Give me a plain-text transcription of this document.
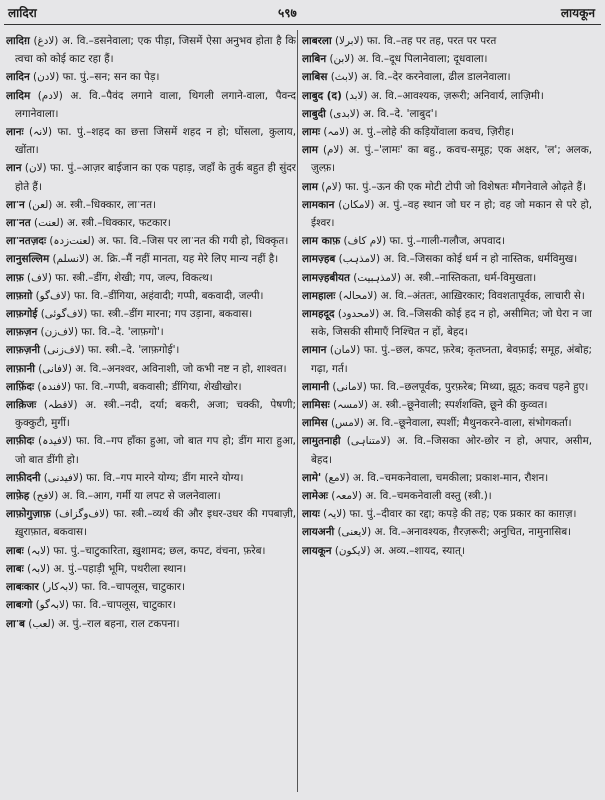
लादिरा	५९७	लायकून

लादिग़ (لادغ) अ. वि.–डसनेवाला; एक पीड़ा, जिसमें ऐसा अनुभव होता है कि त्वचा को कोई काट रहा हैं।

लादिन (لادن) फा. पुं.–सन; सन का पेड़।

लादिम (لادم) अ. वि.–पैवंद लगाने वाला, थिगली लगाने-वाला, पैवन्द लगानेवाला।

लानः (لانہ) फा. पुं.–शहद का छत्ता जिसमें शहद न हो; घोंसला, कुलाय, खोंता।

लान (لان) फा. पुं.–आज़र बाईजान का एक पहाड़, जहाँ के तुर्क बहुत ही सुंदर होते हैं।

लाॱन (لعن) अ. स्त्री.–धिक्कार, लाॱनत।

लाॱनत (لعنت) अ. स्त्री.–धिक्कार, फटकार।

लाॱनतज़दः (لعنت‌زدہ) अ. फा. वि.–जिस पर लाॱनत की गयी हो, धिक्कृत।

लानुसल्लिम (لانسلم) अ. क्रि.–मैं नहीं मानता, यह मेरे लिए मान्य नहीं है।

लाफ़ (لاف) फा. स्त्री.–डींग, शेखी; गप, जल्प, विकत्थ।

लाफ़ग़ो (لاف‌گو) फा. वि.–डींगिया, अहंवादी; गप्पी, बकवादी, जल्पी।

लाफ़गोई (لاف‌گوئی) फा. स्त्री.–डींग मारना; गप उड़ाना, बकवास।

लाफ़ज़न (لاف‌زن) फा. वि.–दे. 'लाफ़गो'।

लाफ़ज़नी (لاف‌زنی) फा. स्त्री.–दे. 'लाफ़गोई'।

लाफ़ानी (لافانی) अ. वि.–अनश्वर, अविनाशी, जो कभी नष्ट न हो, शाश्वत।

लाफ़िंदः (لافندہ) फा. वि.–गप्पी, बकवासी; डींगिया, शेखीखोर।

लाक़िजः (لاقطہ) अ. स्त्री.–नदी, दर्या; बकरी, अजा; चक्की, पेषणी; कुक्कुटी, मुर्गी।

लाफ़ीदः (لافیدہ) फा. वि.–गप हाँका हुआ, जो बात गप हो; डींग मारा हुआ, जो बात डींगी हो।

लाफ़ीदनी (لافیدنی) फा. वि.–गप मारने योग्य; डींग मारने योग्य।

लाफ़ेह (لافح) अ. वि.–आग, गर्मी या लपट से जलनेवाला।

लाफ़ोगुज़ाफ़ (لاف‌وگزاف) फा. स्त्री.–व्यर्थ की और इधर-उधर की गपबाज़ी, ख़ुराफ़ात, बकवास।

लाबः (لابہ) फा. पुं.–चाटुकारिता, ख़ुशामद; छल, कपट, वंचना, फ़रेब।

लाबः (لابہ) अ. पुं.–पहाड़ी भूमि, पथरीला स्थान।

लाबःकार (لابہ‌کار) फा. वि.–चापलूस, चाटुकार।

लाबःगो (لابہ‌گو) फा. वि.–चापलूस, चाटुकार।

लाॱब (لعب) अ. पुं.–राल बहना, राल टकपना।

लाबरला (لابرلا) फा. वि.–तह पर तह, परत पर परत

लाबिन (لابن) अ. वि.–दूध पिलानेवाला; दूधवाला।

लाबिस (لابث) अ. वि.–देर करनेवाला, ढील डालनेवाला।

लाबुद (द) (لابد) अ. वि.–आवश्यक, ज़रूरी; अनिवार्य, लाज़िमी।

लाबुदी (لابدی) अ. वि.–दे. 'लाबुद'।

लामः (لامہ) अ. पुं.–लोहे की कड़ियोंवाला कवच, ज़िरीह।

लाम (لام) अ. पुं.–'लामः' का बहु., कवच-समूह; एक अक्षर, 'ल'; अलक, ज़ुल्फ़।

लाम (لام) फा. पुं.–ऊन की एक मोटी टोपी जो विशेषतः मौगनेवाले ओढ़ते हैं।

लामकान (لامکان) अ. पुं.–वह स्थान जो घर न हो; वह जो मकान से परे हो, ईश्वर।

लाम काफ़ (لام کاف) फा. पुं.–गाली-गलौज, अपवाद।

लामज़्हब (لامذہب) अ. वि.–जिसका कोई धर्म न हो नास्तिक, धर्मविमुख।

लामज़्हबीयत (لامذہبیت) अ. स्त्री.–नास्तिकता, धर्म-विमुखता।

लामहालः (لامحالہ) अ. वि.–अंततः, आख़िरकार; विवशतापूर्वक, लाचारी से।

लामहदूद (لامحدود) अ. वि.–जिसकी कोई हद न हो, असीमित; जो घेरा न जा सके, जिसकी सीमाएँ निश्चित न हों, बेहद।

लामान (لامان) फा. पुं.–छल, कपट, फ़रेब; कृतघ्नता, बेवफ़ाई; समूह, अंबोह; गढ़ा, गर्त।

लामानी (لامانی) फा. वि.–छलपूर्वक, पुरफ़रेब; मिथ्या, झूठ; कवच पहने हुए।

लामिसः (لامسہ) अ. स्त्री.–छूनेवाली; स्पर्शशक्ति, छूने की कुव्वत।

लामिस (لامس) अ. वि.–छूनेवाला, स्पर्शी; मैथुनकरने-वाला, संभोगकर्ता।

लामुतनाही (لامتناہی) अ. वि.–जिसका ओर-छोर न हो, अपार, असीम, बेहद।

लामे' (لامع) अ. वि.–चमकनेवाला, चमकीला; प्रकाश-मान, रौशन।

लामेअः (لامعہ) अ. वि.–चमकनेवाली वस्तु (स्त्री.)।

लायः (لایہ) फा. पुं.–दीवार का रद्दा; कपड़े की तह; एक प्रकार का काग़ज़।

लायअनी (لایعنی) अ. वि.–अनावश्यक, ग़ैरज़रूरी; अनुचित, नामुनासिब।

लायकून (لایکون) अ. अव्य.–शायद, स्यात्।
